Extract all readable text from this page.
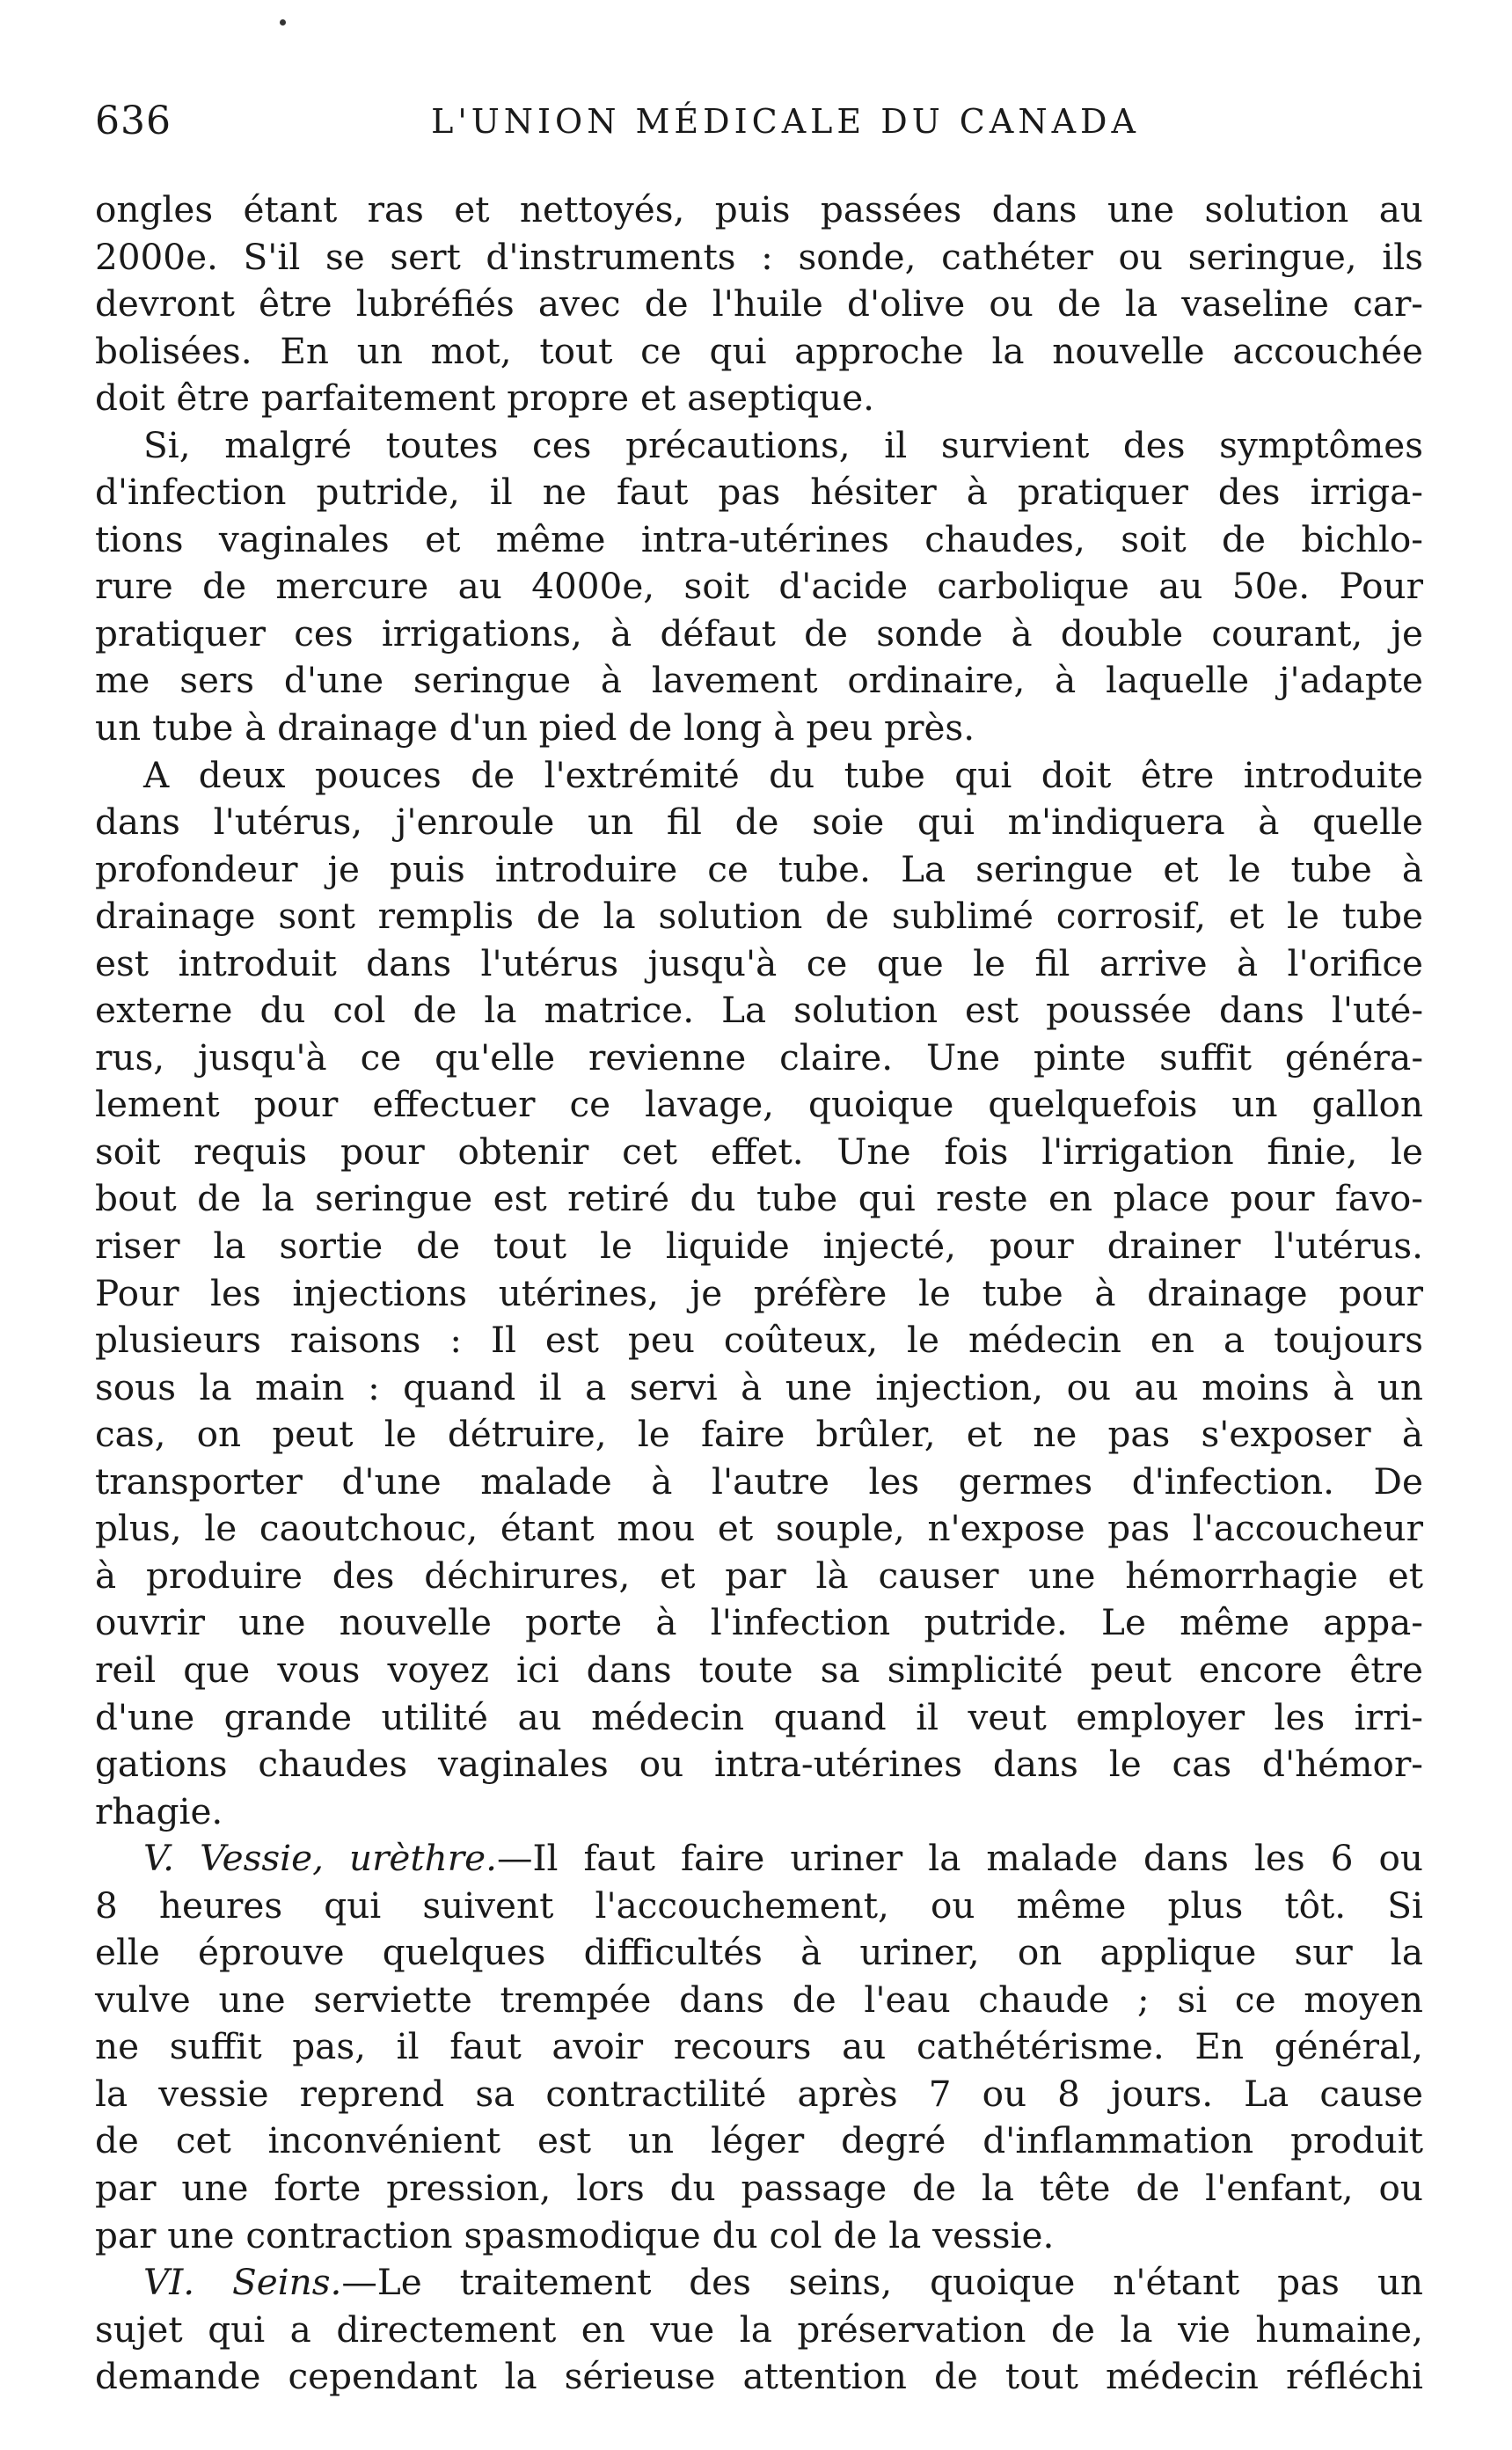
636	L'UNION MÉDICALE DU CANADA
ongles étant ras et nettoyés, puis passées dans une solution au
2000e. S'il se sert d'instruments : sonde, cathéter ou seringue, ils
devront être lubréfiés avec de l'huile d'olive ou de la vaseline car-
bolisées. En un mot, tout ce qui approche la nouvelle accouchée
doit être parfaitement propre et aseptique.
Si, malgré toutes ces précautions, il survient des symptômes
d'infection putride, il ne faut pas hésiter à pratiquer des irriga-
tions vaginales et même intra-utérines chaudes, soit de bichlo-
rure de mercure au 4000e, soit d'acide carbolique au 50e. Pour
pratiquer ces irrigations, à défaut de sonde à double courant, je
me sers d'une seringue à lavement ordinaire, à laquelle j'adapte
un tube à drainage d'un pied de long à peu près.
A deux pouces de l'extrémité du tube qui doit être introduite
dans l'utérus, j'enroule un fil de soie qui m'indiquera à quelle
profondeur je puis introduire ce tube. La seringue et le tube à
drainage sont remplis de la solution de sublimé corrosif, et le tube
est introduit dans l'utérus jusqu'à ce que le fil arrive à l'orifice
externe du col de la matrice. La solution est poussée dans l'uté-
rus, jusqu'à ce qu'elle revienne claire. Une pinte suffit généra-
lement pour effectuer ce lavage, quoique quelquefois un gallon
soit requis pour obtenir cet effet. Une fois l'irrigation finie, le
bout de la seringue est retiré du tube qui reste en place pour favo-
riser la sortie de tout le liquide injecté, pour drainer l'utérus.
Pour les injections utérines, je préfère le tube à drainage pour
plusieurs raisons : Il est peu coûteux, le médecin en a toujours
sous la main : quand il a servi à une injection, ou au moins à un
cas, on peut le détruire, le faire brûler, et ne pas s'exposer à
transporter d'une malade à l'autre les germes d'infection. De
plus, le caoutchouc, étant mou et souple, n'expose pas l'accoucheur
à produire des déchirures, et par là causer une hémorrhagie et
ouvrir une nouvelle porte à l'infection putride. Le même appa-
reil que vous voyez ici dans toute sa simplicité peut encore être
d'une grande utilité au médecin quand il veut employer les irri-
gations chaudes vaginales ou intra-utérines dans le cas d'hémor-
rhagie.
V. Vessie, urèthre.—Il faut faire uriner la malade dans les 6 ou
8 heures qui suivent l'accouchement, ou même plus tôt. Si
elle éprouve quelques difficultés à uriner, on applique sur la
vulve une serviette trempée dans de l'eau chaude ; si ce moyen
ne suffit pas, il faut avoir recours au cathétérisme. En général,
la vessie reprend sa contractilité après 7 ou 8 jours. La cause
de cet inconvénient est un léger degré d'inflammation produit
par une forte pression, lors du passage de la tête de l'enfant, ou
par une contraction spasmodique du col de la vessie.
VI. Seins.—Le traitement des seins, quoique n'étant pas un
sujet qui a directement en vue la préservation de la vie humaine,
demande cependant la sérieuse attention de tout médecin réfléchi
